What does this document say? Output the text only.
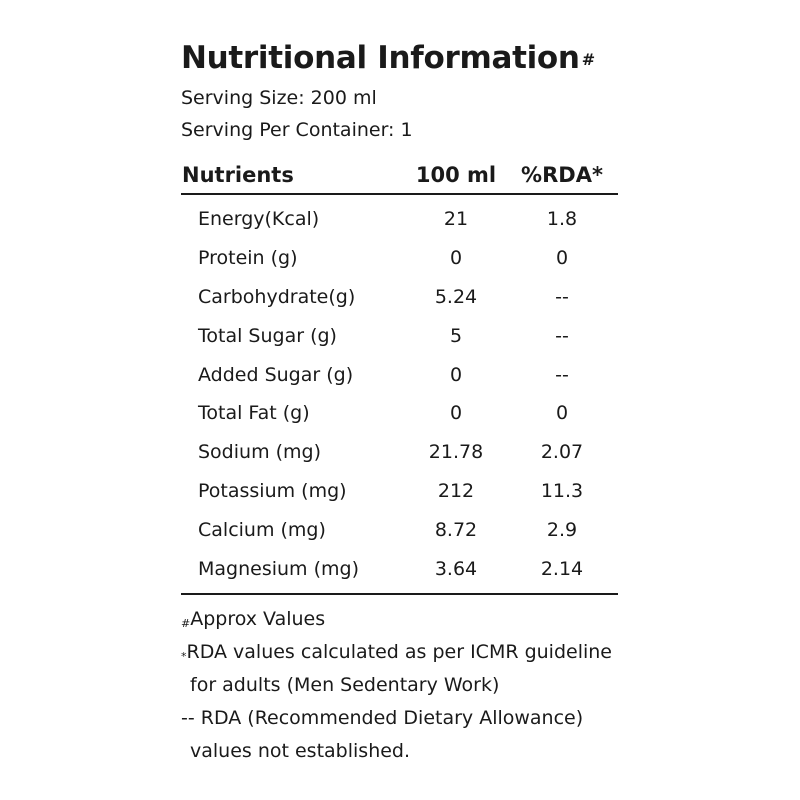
Nutritional Information #
Serving Size: 200 ml
Serving Per Container: 1
Nutrients	100 ml	%RDA*
Energy(Kcal)	21	1.8
Protein (g)	0	0
Carbohydrate(g)	5.24	--
Total Sugar (g)	5	--
Added Sugar (g)	0	--
Total Fat (g)	0	0
Sodium (mg)	21.78	2.07
Potassium (mg)	212	11.3
Calcium (mg)	8.72	2.9
Magnesium (mg)	3.64	2.14
#Approx Values
*RDA values calculated as per ICMR guideline
for adults (Men Sedentary Work)
-- RDA (Recommended Dietary Allowance)
values not established.
